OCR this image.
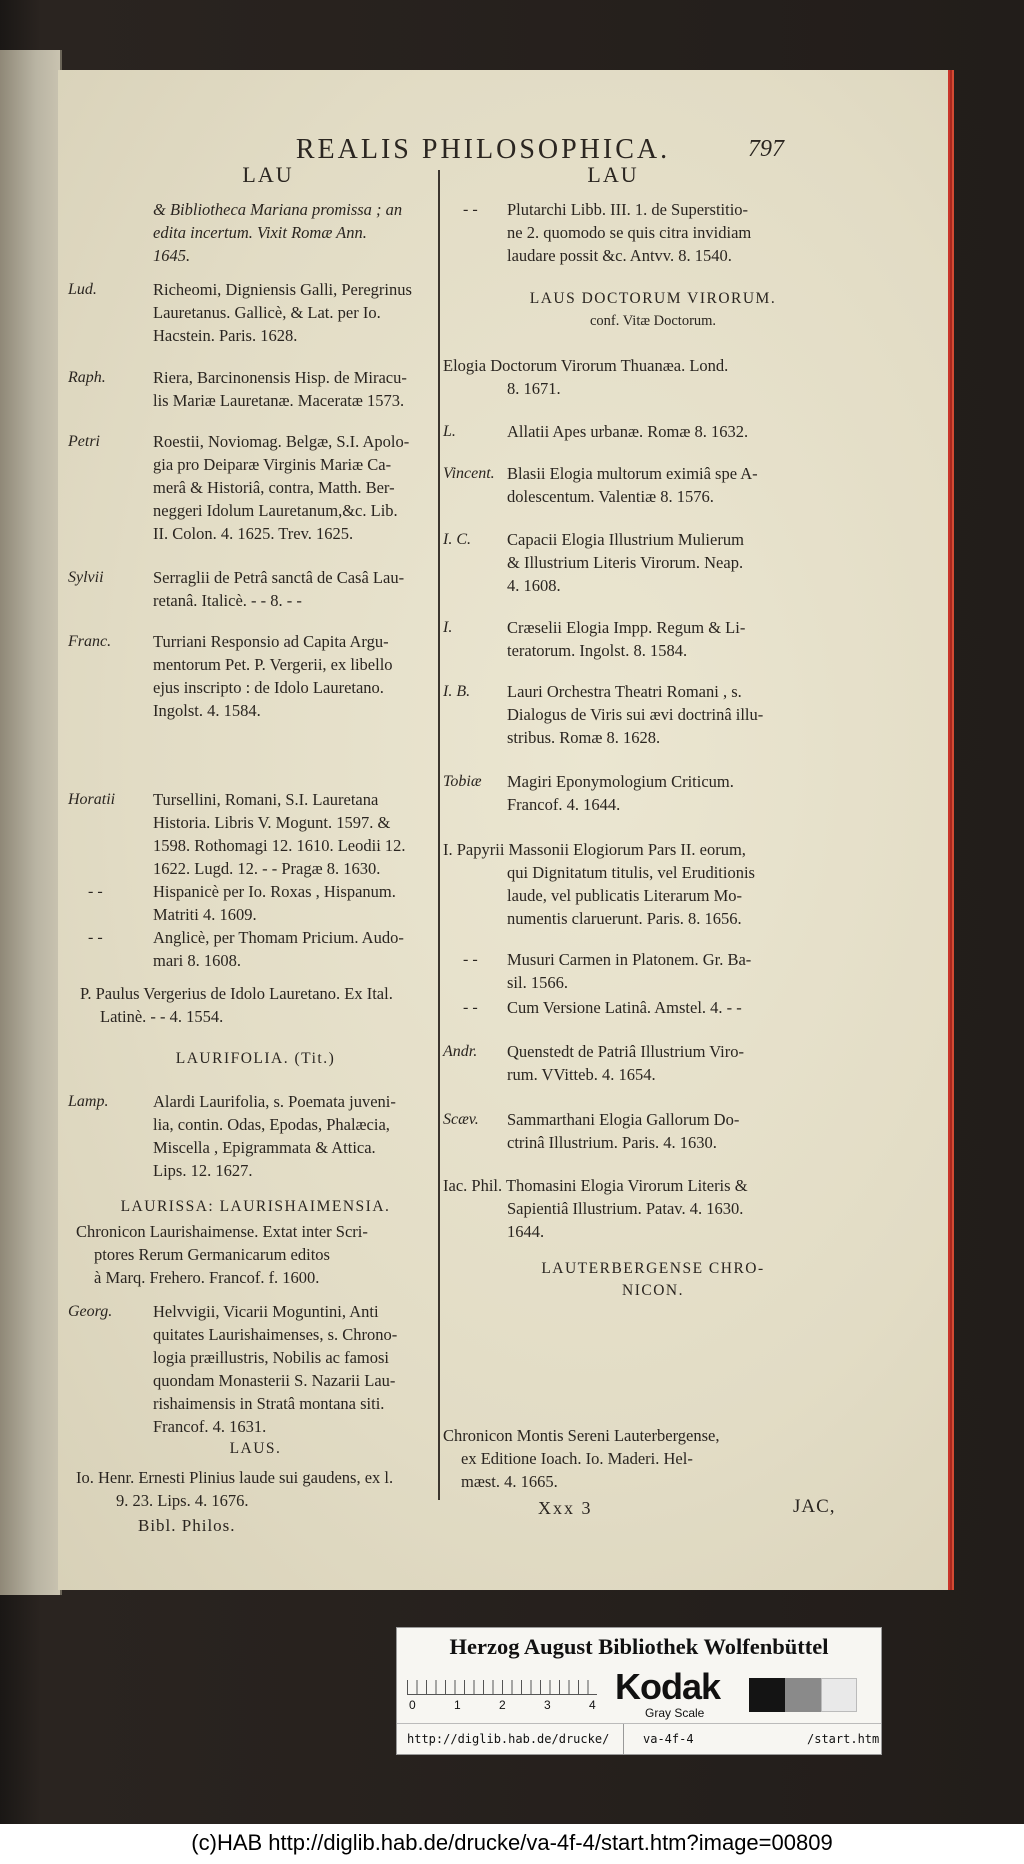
REALIS PHILOSOPHICA.	797
LAU	LAU
& Bibliotheca Mariana promissa ; an
edita incertum. Vixit Romæ Ann.
1645.
Lud.	Richeomi, Digniensis Galli, Peregrinus
Lauretanus. Gallicè, & Lat. per Io.
Hacstein. Paris. 1628.
Raph.	Riera, Barcinonensis Hisp. de Miracu-
lis Mariæ Lauretanæ. Maceratæ 1573.
Petri	Roestii, Noviomag. Belgæ, S.I. Apolo-
gia pro Deiparæ Virginis Mariæ Ca-
merâ & Historiâ, contra, Matth. Ber-
neggeri Idolum Lauretanum,&c. Lib.
II. Colon. 4. 1625. Trev. 1625.
Sylvii	Serraglii de Petrâ sanctâ de Casâ Lau-
retanâ. Italicè. - - 8. - -
Franc.	Turriani Responsio ad Capita Argu-
mentorum Pet. P. Vergerii, ex libello
ejus inscripto : de Idolo Lauretano.
Ingolst. 4. 1584.
Horatii	Tursellini, Romani, S.I. Lauretana
Historia. Libris V. Mogunt. 1597. &
1598. Rothomagi 12. 1610. Leodii 12.
1622. Lugd. 12. - - Pragæ 8. 1630.
- -	Hispanicè per Io. Roxas , Hispanum.
Matriti 4. 1609.
- -	Anglicè, per Thomam Pricium. Audo-
mari 8. 1608.
P. Paulus Vergerius de Idolo Lauretano. Ex Ital.
Latinè. - - 4. 1554.
LAURIFOLIA. (Tit.)
Lamp.	Alardi Laurifolia, s. Poemata juveni-
lia, contin. Odas, Epodas, Phalæcia,
Miscella , Epigrammata & Attica.
Lips. 12. 1627.
LAURISSA: LAURISHAIMENSIA.
Chronicon Laurishaimense. Extat inter Scri-
ptores Rerum Germanicarum editos
à Marq. Frehero. Francof. f. 1600.
Georg.	Helvvigii, Vicarii Moguntini, Anti
quitates Laurishaimenses, s. Chrono-
logia præillustris, Nobilis ac famosi
quondam Monasterii S. Nazarii Lau-
rishaimensis in Stratâ montana siti.
Francof. 4. 1631.
LAUS.
Io. Henr. Ernesti Plinius laude sui gaudens, ex l.
9. 23. Lips. 4. 1676.
Bibl. Philos.
- -	Plutarchi Libb. III. 1. de Superstitio-
ne 2. quomodo se quis citra invidiam
laudare possit &c. Antvv. 8. 1540.
LAUS DOCTORUM VIRORUM.
conf. Vitæ Doctorum.
Elogia Doctorum Virorum Thuanæa. Lond.
8. 1671.
L.	Allatii Apes urbanæ. Romæ 8. 1632.
Vincent. Blasii Elogia multorum eximiâ spe A-
dolescentum. Valentiæ 8. 1576.
I. C.	Capacii Elogia Illustrium Mulierum
& Illustrium Literis Virorum. Neap.
4. 1608.
I.	Cræselii Elogia Impp. Regum & Li-
teratorum. Ingolst. 8. 1584.
I. B.	Lauri Orchestra Theatri Romani , s.
Dialogus de Viris sui ævi doctrinâ illu-
stribus. Romæ 8. 1628.
Tobiæ	Magiri Eponymologium Criticum.
Francof. 4. 1644.
I. Papyrii Massonii Elogiorum Pars II. eorum,
qui Dignitatum titulis, vel Eruditionis
laude, vel publicatis Literarum Mo-
numentis claruerunt. Paris. 8. 1656.
- -	Musuri Carmen in Platonem. Gr. Ba-
sil. 1566.
- -	Cum Versione Latinâ. Amstel. 4. - -
Andr.	Quenstedt de Patriâ Illustrium Viro-
rum. VVitteb. 4. 1654.
Scæv.	Sammarthani Elogia Gallorum Do-
ctrinâ Illustrium. Paris. 4. 1630.
Iac. Phil. Thomasini Elogia Virorum Literis &
Sapientiâ Illustrium. Patav. 4. 1630.
1644.
LAUTERBERGENSE CHRO-
NICON.
Chronicon Montis Sereni Lauterbergense,
ex Editione Ioach. Io. Maderi. Hel-
mæst. 4. 1665.
Xxx 3	JAC,
Herzog August Bibliothek Wolfenbüttel
0	1	2	3	4 Kodak
Gray Scale
http://diglib.hab.de/drucke/	va-4f-4	/start.htm
(c)HAB http://diglib.hab.de/drucke/va-4f-4/start.htm?image=00809
